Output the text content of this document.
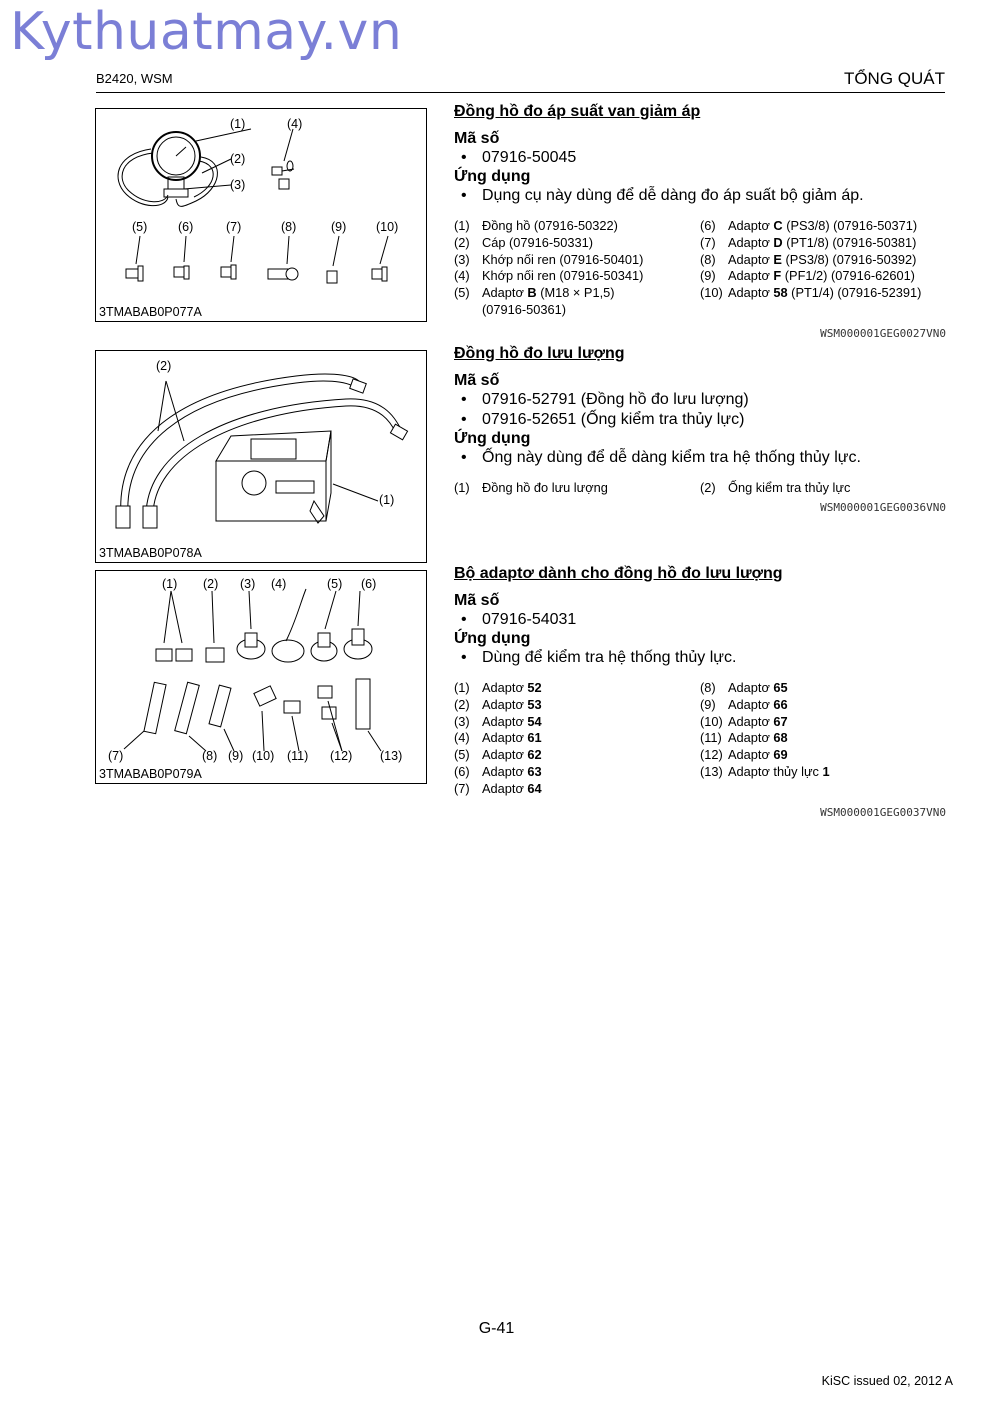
Kythuatmay.vn
B2420, WSM	TỔNG QUÁT
(1)	(4)
(2)
(3)
(5) (6)	(7)	(8)	(9) (10)
3TMABAB0P077A
(2)
(1)
3TMABAB0P078A
(1) (2) (3) (4)	(5) (6)
(7)	(8) (9) (10) (11) (12) (13)
3TMABAB0P079A
Đồng hồ đo áp suất van giảm áp
Mã số
• 07916-50045
Ứng dụng
• Dụng cụ này dùng để dễ dàng đo áp suất bộ giảm áp.
(1) Đồng hồ (07916-50322)
(2) Cáp (07916-50331)
(3) Khớp nối ren (07916-50401)
(4) Khớp nối ren (07916-50341)
(5) Adaptơ B (M18 × P1,5)
(07916-50361)
(6) Adaptơ C (PS3/8) (07916-50371)
(7) Adaptơ D (PT1/8) (07916-50381)
(8) Adaptơ E (PS3/8) (07916-50392)
(9) Adaptơ F (PF1/2) (07916-62601)
(10) Adaptơ 58 (PT1/4) (07916-52391)
WSM000001GEG0027VN0
Đồng hồ đo lưu lượng
Mã số
• 07916-52791 (Đồng hồ đo lưu lượng)
• 07916-52651 (Ống kiểm tra thủy lực)
Ứng dụng
• Ống này dùng để dễ dàng kiểm tra hệ thống thủy lực.
(1) Đồng hồ đo lưu lượng	(2) Ống kiểm tra thủy lực
WSM000001GEG0036VN0
Bộ adaptơ dành cho đồng hồ đo lưu lượng
Mã số
• 07916-54031
Ứng dụng
• Dùng để kiểm tra hệ thống thủy lực.
(1) Adaptơ 52
(2) Adaptơ 53
(3) Adaptơ 54
(4) Adaptơ 61
(5) Adaptơ 62
(6) Adaptơ 63
(7) Adaptơ 64
(8) Adaptơ 65
(9) Adaptơ 66
(10) Adaptơ 67
(11) Adaptơ 68
(12) Adaptơ 69
(13) Adaptơ thủy lực 1
WSM000001GEG0037VN0
G-41
KiSC issued 02, 2012 A
